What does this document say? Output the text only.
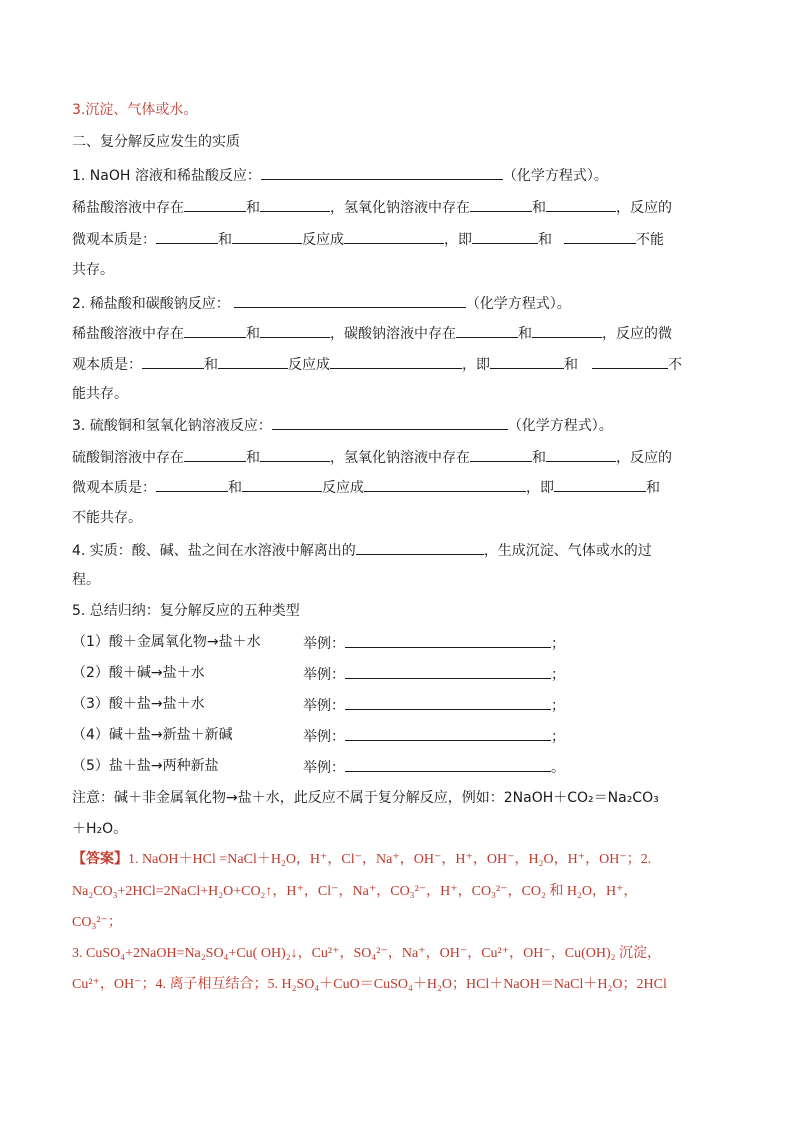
3.沉淀、气体或水。
二、复分解反应发生的实质
1. NaOH 溶液和稀盐酸反应：	（化学方程式）。
稀盐酸溶液中存在	和	，氢氧化钠溶液中存在	和	，反应的
微观本质是：	和	反应成	，即	和	不能
共存。
2. 稀盐酸和碳酸钠反应：	（化学方程式）。
稀盐酸溶液中存在	和	，碳酸钠溶液中存在	和	，反应的微
观本质是：	和	反应成	，即	和	不
能共存。
3. 硫酸铜和氢氧化钠溶液反应：	（化学方程式）。
硫酸铜溶液中存在	和	，氢氧化钠溶液中存在	和	，反应的
微观本质是：	和	反应成	，即	和
不能共存。
4. 实质：酸、碱、盐之间在水溶液中解离出的	，生成沉淀、气体或水的过
程。
5. 总结归纳：复分解反应的五种类型
（1）酸＋金属氧化物→盐＋水	举例：	；
（2）酸＋碱→盐＋水	举例：	；
（3）酸＋盐→盐＋水	举例：	；
（4）碱＋盐→新盐＋新碱	举例：	；
（5）盐＋盐→两种新盐	举例：	。
注意：碱＋非金属氧化物→盐＋水，此反应不属于复分解反应，例如：2NaOH＋CO₂＝Na₂CO₃
＋H₂O。
【答案】1. NaOH＋HCl =NaCl＋H₂O，H⁺，Cl⁻，Na⁺，OH⁻，H⁺，OH⁻，H₂O，H⁺，OH⁻；2.
Na₂CO₃+2HCl=2NaCl+H₂O+CO₂↑，H⁺，Cl⁻，Na⁺，CO₃²⁻，H⁺，CO₃²⁻，CO₂ 和 H₂O，H⁺，
CO₃²⁻；
3. CuSO₄+2NaOH=Na₂SO₄+Cu( OH)₂↓，Cu²⁺，SO₄²⁻，Na⁺，OH⁻，Cu²⁺，OH⁻，Cu(OH)₂ 沉淀，
Cu²⁺，OH⁻；4. 离子相互结合；5. H₂SO₄＋CuO＝CuSO₄＋H₂O；HCl＋NaOH＝NaCl＋H₂O；2HCl
